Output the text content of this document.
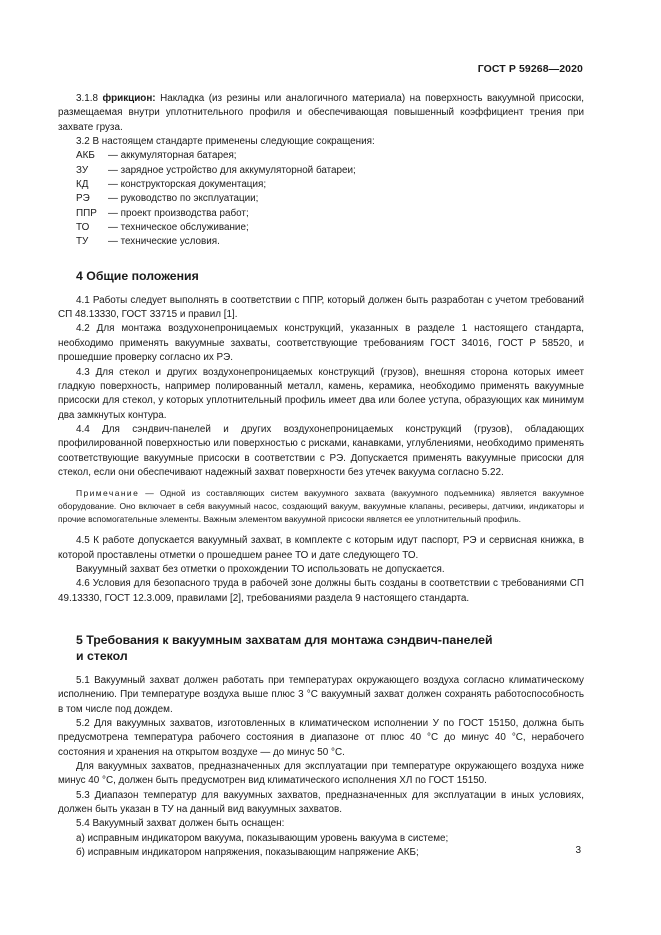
ГОСТ Р 59268—2020

3.1.8 фрикцион: Накладка (из резины или аналогичного материала) на поверхность вакуумной присоски, размещаемая внутри уплотнительного профиля и обеспечивающая повышенный коэффициент трения при захвате груза.

3.2 В настоящем стандарте применены следующие сокращения:

АКБ	— аккумуляторная батарея;
ЗУ	— зарядное устройство для аккумуляторной батареи;
КД	— конструкторская документация;
РЭ	— руководство по эксплуатации;
ППР	— проект производства работ;
ТО	— техническое обслуживание;
ТУ	— технические условия.
4 Общие положения

4.1 Работы следует выполнять в соответствии с ППР, который должен быть разработан с учетом требований СП 48.13330, ГОСТ 33715 и правил [1].

4.2 Для монтажа воздухонепроницаемых конструкций, указанных в разделе 1 настоящего стандарта, необходимо применять вакуумные захваты, соответствующие требованиям ГОСТ 34016, ГОСТ Р 58520, и прошедшие проверку согласно их РЭ.

4.3 Для стекол и других воздухонепроницаемых конструкций (грузов), внешняя сторона которых имеет гладкую поверхность, например полированный металл, камень, керамика, необходимо применять вакуумные присоски для стекол, у которых уплотнительный профиль имеет два или более уступа, образующих как минимум два замкнутых контура.

4.4 Для сэндвич-панелей и других воздухонепроницаемых конструкций (грузов), обладающих профилированной поверхностью или поверхностью с рисками, канавками, углублениями, необходимо применять соответствующие вакуумные присоски в соответствии с РЭ. Допускается применять вакуумные присоски для стекол, если они обеспечивают надежный захват поверхности без утечек вакуума согласно 5.22.

Примечание — Одной из составляющих систем вакуумного захвата (вакуумного подъемника) является вакуумное оборудование. Оно включает в себя вакуумный насос, создающий вакуум, вакуумные клапаны, ресиверы, датчики, индикаторы и прочие вспомогательные элементы. Важным элементом вакуумной присоски является ее уплотнительный профиль.

4.5 К работе допускается вакуумный захват, в комплекте с которым идут паспорт, РЭ и сервисная книжка, в которой проставлены отметки о прошедшем ранее ТО и дате следующего ТО.

Вакуумный захват без отметки о прохождении ТО использовать не допускается.

4.6 Условия для безопасного труда в рабочей зоне должны быть созданы в соответствии с требованиями СП 49.13330, ГОСТ 12.3.009, правилами [2], требованиями раздела 9 настоящего стандарта.

5 Требования к вакуумным захватам для монтажа сэндвич-панелей
и стекол

5.1 Вакуумный захват должен работать при температурах окружающего воздуха согласно климатическому исполнению. При температуре воздуха выше плюс 3 °С вакуумный захват должен сохранять работоспособность в том числе под дождем.

5.2 Для вакуумных захватов, изготовленных в климатическом исполнении У по ГОСТ 15150, должна быть предусмотрена температура рабочего состояния в диапазоне от плюс 40 °С до минус 40 °С, нерабочего состояния и хранения на открытом воздухе — до минус 50 °С.

Для вакуумных захватов, предназначенных для эксплуатации при температуре окружающего воздуха ниже минус 40 °С, должен быть предусмотрен вид климатического исполнения ХЛ по ГОСТ 15150.

5.3 Диапазон температур для вакуумных захватов, предназначенных для эксплуатации в иных условиях, должен быть указан в ТУ на данный вид вакуумных захватов.

5.4 Вакуумный захват должен быть оснащен:

а) исправным индикатором вакуума, показывающим уровень вакуума в системе;

б) исправным индикатором напряжения, показывающим напряжение АКБ;	3
